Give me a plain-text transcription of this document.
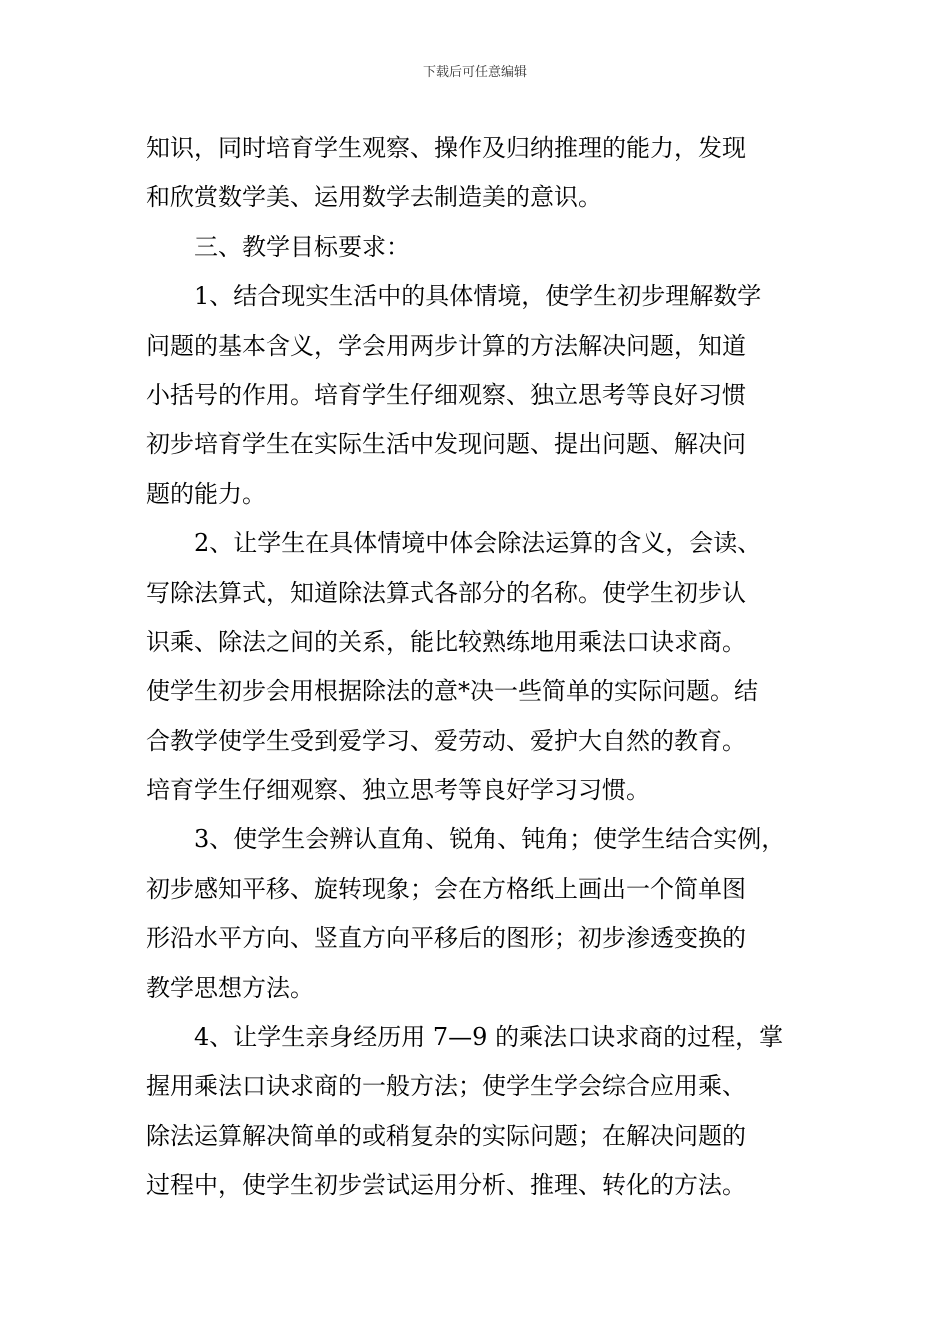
下载后可任意编辑
知识，同时培育学生观察、操作及归纳推理的能力，发现
和欣赏数学美、运用数学去制造美的意识。
三、教学目标要求：
1、结合现实生活中的具体情境，使学生初步理解数学
问题的基本含义，学会用两步计算的方法解决问题，知道
小括号的作用。培育学生仔细观察、独立思考等良好习惯
初步培育学生在实际生活中发现问题、提出问题、解决问
题的能力。
2、让学生在具体情境中体会除法运算的含义，会读、
写除法算式，知道除法算式各部分的名称。使学生初步认
识乘、除法之间的关系，能比较熟练地用乘法口诀求商。
使学生初步会用根据除法的意*决一些简单的实际问题。结
合教学使学生受到爱学习、爱劳动、爱护大自然的教育。
培育学生仔细观察、独立思考等良好学习习惯。
3、使学生会辨认直角、锐角、钝角；使学生结合实例，
初步感知平移、旋转现象；会在方格纸上画出一个简单图
形沿水平方向、竖直方向平移后的图形；初步渗透变换的
教学思想方法。
4、让学生亲身经历用 7—9 的乘法口诀求商的过程，掌
握用乘法口诀求商的一般方法；使学生学会综合应用乘、
除法运算解决简单的或稍复杂的实际问题；在解决问题的
过程中，使学生初步尝试运用分析、推理、转化的方法。
